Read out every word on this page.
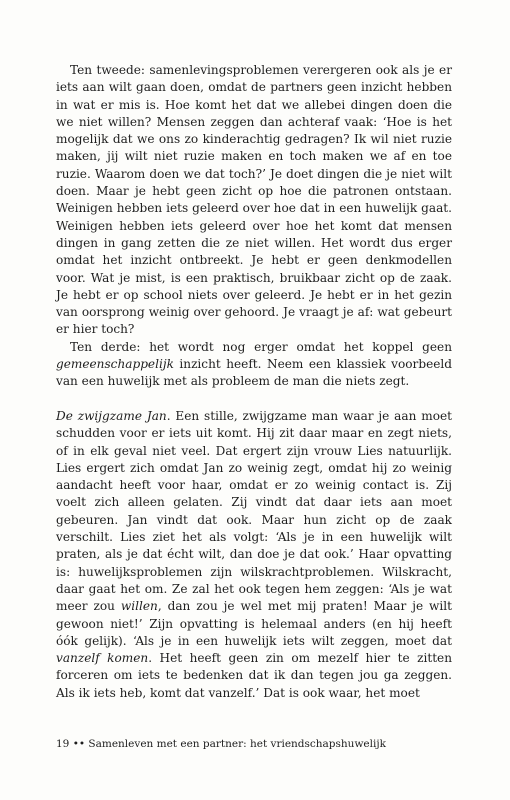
Ten tweede: samenlevingsproblemen verergeren ook als je er iets aan wilt gaan doen, omdat de partners geen inzicht hebben in wat er mis is. Hoe komt het dat we allebei dingen doen die we niet willen? Mensen zeggen dan achteraf vaak: ‘Hoe is het mogelijk dat we ons zo kinderachtig gedragen? Ik wil niet ruzie maken, jij wilt niet ruzie maken en toch maken we af en toe ruzie. Waarom doen we dat toch?’ Je doet dingen die je niet wilt doen. Maar je hebt geen zicht op hoe die patronen ontstaan. Weinigen hebben iets geleerd over hoe dat in een huwelijk gaat. Weinigen hebben iets geleerd over hoe het komt dat mensen dingen in gang zetten die ze niet willen. Het wordt dus erger omdat het inzicht ontbreekt. Je hebt er geen denkmodellen voor. Wat je mist, is een praktisch, bruikbaar zicht op de zaak. Je hebt er op school niets over geleerd. Je hebt er in het gezin van oorsprong weinig over gehoord. Je vraagt je af: wat gebeurt er hier toch?

Ten derde: het wordt nog erger omdat het koppel geen gemeenschappelijk inzicht heeft. Neem een klassiek voorbeeld van een huwelijk met als probleem de man die niets zegt.

De zwijgzame Jan. Een stille, zwijgzame man waar je aan moet schudden voor er iets uit komt. Hij zit daar maar en zegt niets, of in elk geval niet veel. Dat ergert zijn vrouw Lies natuurlijk. Lies ergert zich omdat Jan zo weinig zegt, omdat hij zo weinig aandacht heeft voor haar, omdat er zo weinig contact is. Zij voelt zich alleen gelaten. Zij vindt dat daar iets aan moet gebeuren. Jan vindt dat ook. Maar hun zicht op de zaak verschilt. Lies ziet het als volgt: ‘Als je in een huwelijk wilt praten, als je dat écht wilt, dan doe je dat ook.’ Haar opvatting is: huwelijksproblemen zijn wilskrachtproblemen. Wilskracht, daar gaat het om. Ze zal het ook tegen hem zeggen: ‘Als je wat meer zou willen, dan zou je wel met mij praten! Maar je wilt gewoon niet!’ Zijn opvatting is helemaal anders (en hij heeft óók gelijk). ‘Als je in een huwelijk iets wilt zeggen, moet dat vanzelf komen. Het heeft geen zin om mezelf hier te zitten forceren om iets te bedenken dat ik dan tegen jou ga zeggen. Als ik iets heb, komt dat vanzelf.’ Dat is ook waar, het moet

19 •• Samenleven met een partner: het vriendschapshuwelijk
